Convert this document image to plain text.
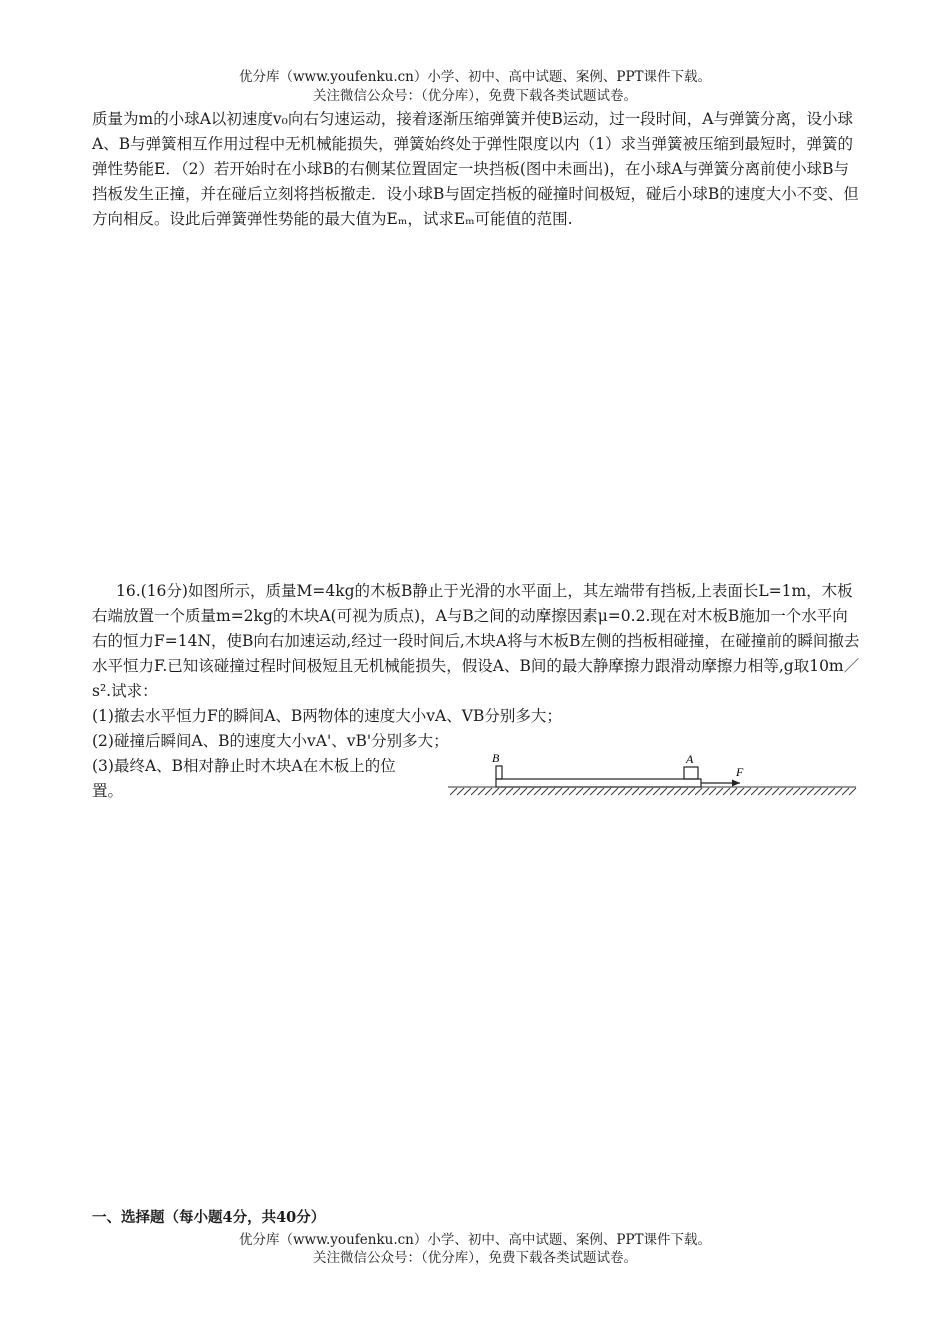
优分库（www.youfenku.cn）小学、初中、高中试题、案例、PPT课件下载。
关注微信公众号：（优分库），免费下载各类试题试卷。

质量为m的小球A以初速度v₀向右匀速运动，接着逐渐压缩弹簧并使B运动，过一段时间，A与弹簧分离，设小球A、B与弹簧相互作用过程中无机械能损失，弹簧始终处于弹性限度以内（1）求当弹簧被压缩到最短时，弹簧的弹性势能E．（2）若开始时在小球B的右侧某位置固定一块挡板(图中未画出)，在小球A与弹簧分离前使小球B与挡板发生正撞，并在碰后立刻将挡板撤走．设小球B与固定挡板的碰撞时间极短，碰后小球B的速度大小不变、但方向相反。设此后弹簧弹性势能的最大值为Eₘ，试求Eₘ可能值的范围.

16.(16分)如图所示，质量M=4kg的木板B静止于光滑的水平面上，其左端带有挡板,上表面长L=1m，木板右端放置一个质量m=2kg的木块A(可视为质点)，A与B之间的动摩擦因素μ=0.2.现在对木板B施加一个水平向右的恒力F=14N，使B向右加速运动,经过一段时间后,木块A将与木板B左侧的挡板相碰撞，在碰撞前的瞬间撤去水平恒力F.已知该碰撞过程时间极短且无机械能损失，假设A、B间的最大静摩擦力跟滑动摩擦力相等,g取10m／s².试求：

(1)撤去水平恒力F的瞬间A、B两物体的速度大小vA、VB分别多大；

(2)碰撞后瞬间A、B的速度大小vA'、vB'分别多大；

(3)最终A、B相对静止时木块A在木板上的位置。

B	A
F
一、选择题（每小题4分，共40分）
优分库（www.youfenku.cn）小学、初中、高中试题、案例、PPT课件下载。
关注微信公众号：（优分库），免费下载各类试题试卷。
